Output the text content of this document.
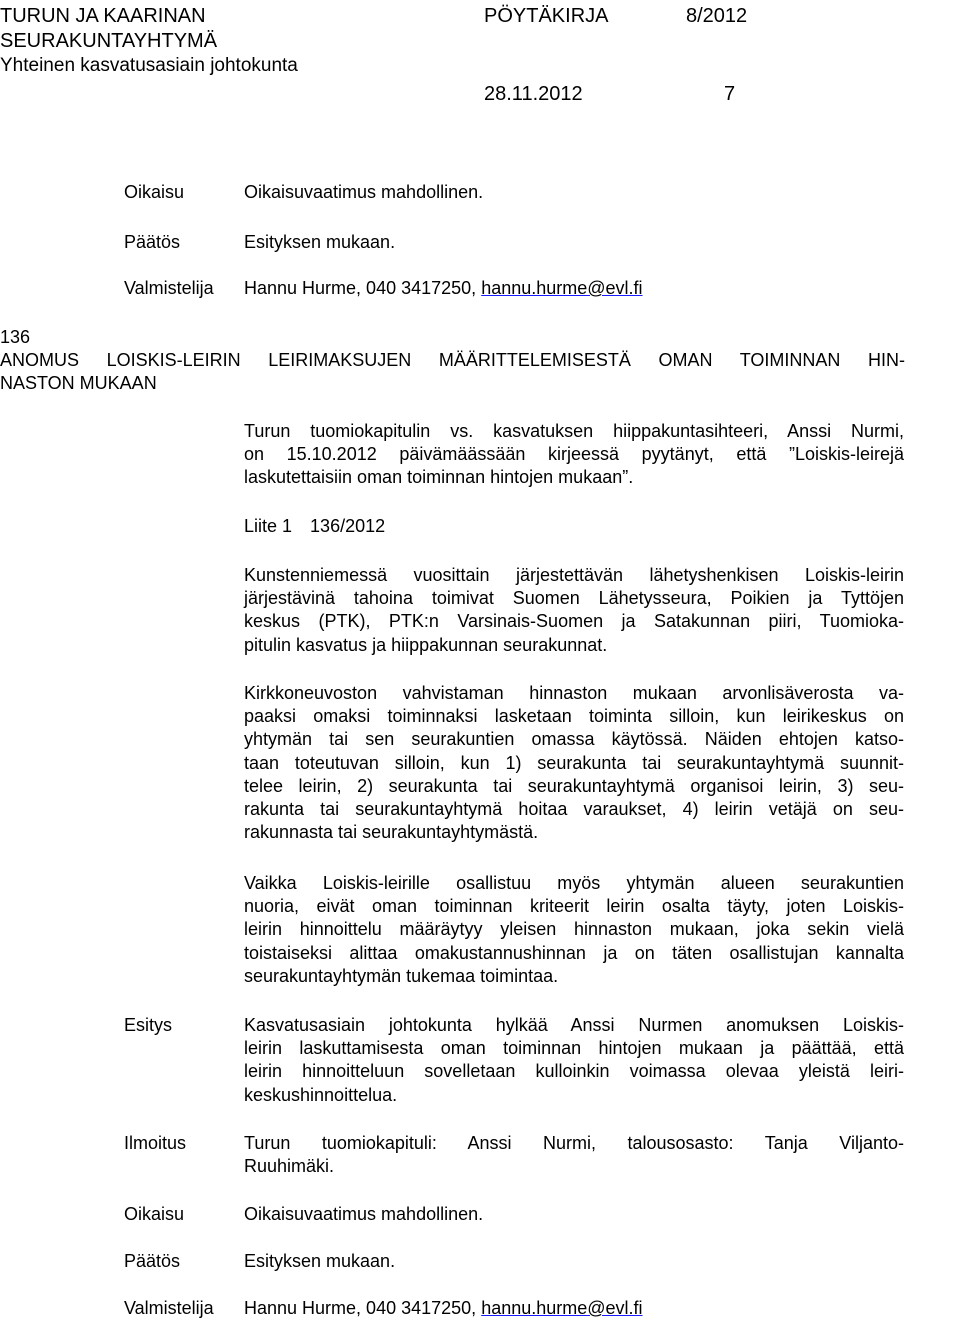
TURUN JA KAARINAN
SEURAKUNTAYHTYMÄ
Yhteinen kasvatusasiain johtokunta
PÖYTÄKIRJA	8/2012
28.11.2012	7
Oikaisu	Oikaisuvaatimus mahdollinen.
Päätös	Esityksen mukaan.
Valmistelija Hannu Hurme, 040 3417250, hannu.hurme@evl.fi
136
ANOMUS LOISKIS-LEIRIN LEIRIMAKSUJEN MÄÄRITTELEMISESTÄ OMAN TOIMINNAN HIN-
NASTON MUKAAN
Turun tuomiokapitulin vs. kasvatuksen hiippakuntasihteeri, Anssi Nurmi,
on 15.10.2012 päivämäässään kirjeessä pyytänyt, että ”Loiskis-leirejä
laskutettaisiin oman toiminnan hintojen mukaan”.
Liite 1 136/2012
Kunstenniemessä vuosittain järjestettävän lähetyshenkisen Loiskis-leirin
järjestävinä tahoina toimivat Suomen Lähetysseura, Poikien ja Tyttöjen
keskus (PTK), PTK:n Varsinais-Suomen ja Satakunnan piiri, Tuomioka-
pitulin kasvatus ja hiippakunnan seurakunnat.
Kirkkoneuvoston vahvistaman hinnaston mukaan arvonlisäverosta va-
paaksi omaksi toiminnaksi lasketaan toiminta silloin, kun leirikeskus on
yhtymän tai sen seurakuntien omassa käytössä. Näiden ehtojen katso-
taan toteutuvan silloin, kun 1) seurakunta tai seurakuntayhtymä suunnit-
telee leirin, 2) seurakunta tai seurakuntayhtymä organisoi leirin, 3) seu-
rakunta tai seurakuntayhtymä hoitaa varaukset, 4) leirin vetäjä on seu-
rakunnasta tai seurakuntayhtymästä.
Vaikka Loiskis-leirille osallistuu myös yhtymän alueen seurakuntien
nuoria, eivät oman toiminnan kriteerit leirin osalta täyty, joten Loiskis-
leirin hinnoittelu määräytyy yleisen hinnaston mukaan, joka sekin vielä
toistaiseksi alittaa omakustannushinnan ja on täten osallistujan kannalta
seurakuntayhtymän tukemaa toimintaa.
Esitys	Kasvatusasiain johtokunta hylkää Anssi Nurmen anomuksen Loiskis-
leirin laskuttamisesta oman toiminnan hintojen mukaan ja päättää, että
leirin hinnoitteluun sovelletaan kulloinkin voimassa olevaa yleistä leiri-
keskushinnoittelua.
Ilmoitus	Turun tuomiokapituli: Anssi Nurmi, talousosasto: Tanja Viljanto-
Ruuhimäki.
Oikaisu	Oikaisuvaatimus mahdollinen.
Päätös	Esityksen mukaan.
Valmistelija Hannu Hurme, 040 3417250, hannu.hurme@evl.fi
